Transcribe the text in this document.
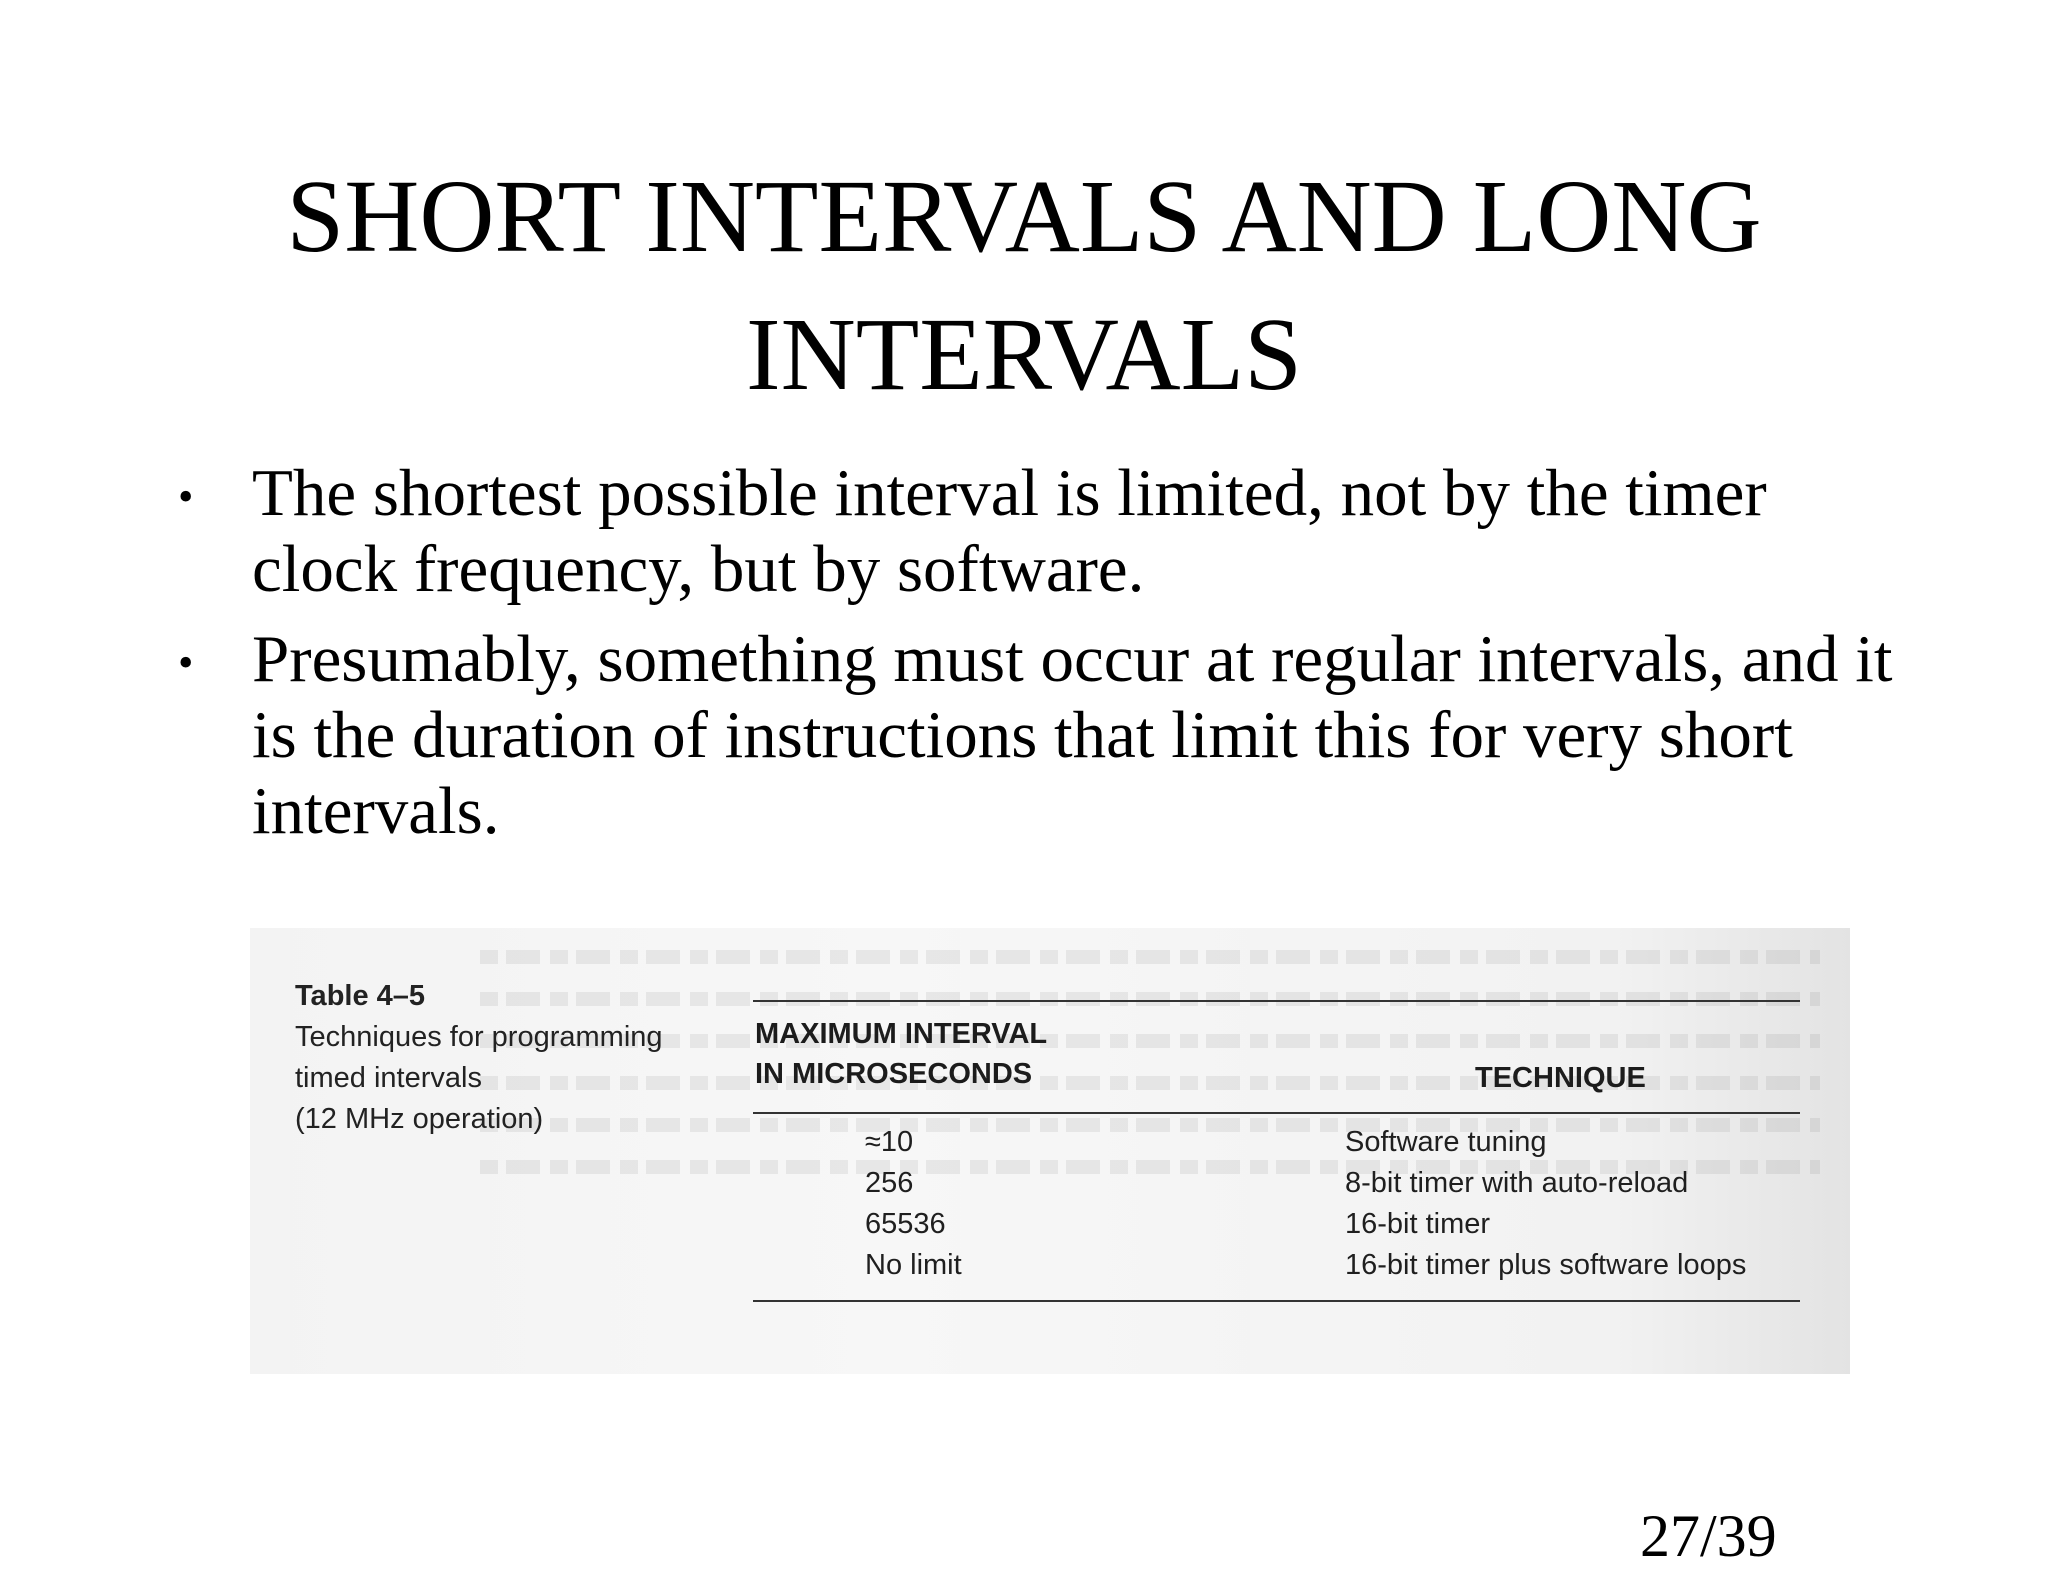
SHORT INTERVALS AND LONG
INTERVALS
• The shortest possible interval is limited, not by the timer clock frequency, but by software.
• Presumably, something must occur at regular intervals, and it is the duration of instructions that limit this for very short intervals.
Table 4–5
Techniques for programming
timed intervals
(12 MHz operation)
MAXIMUM INTERVAL
IN MICROSECONDS	TECHNIQUE
≈10	Software tuning
256	8-bit timer with auto-reload
65536	16-bit timer
No limit	16-bit timer plus software loops
27/39
